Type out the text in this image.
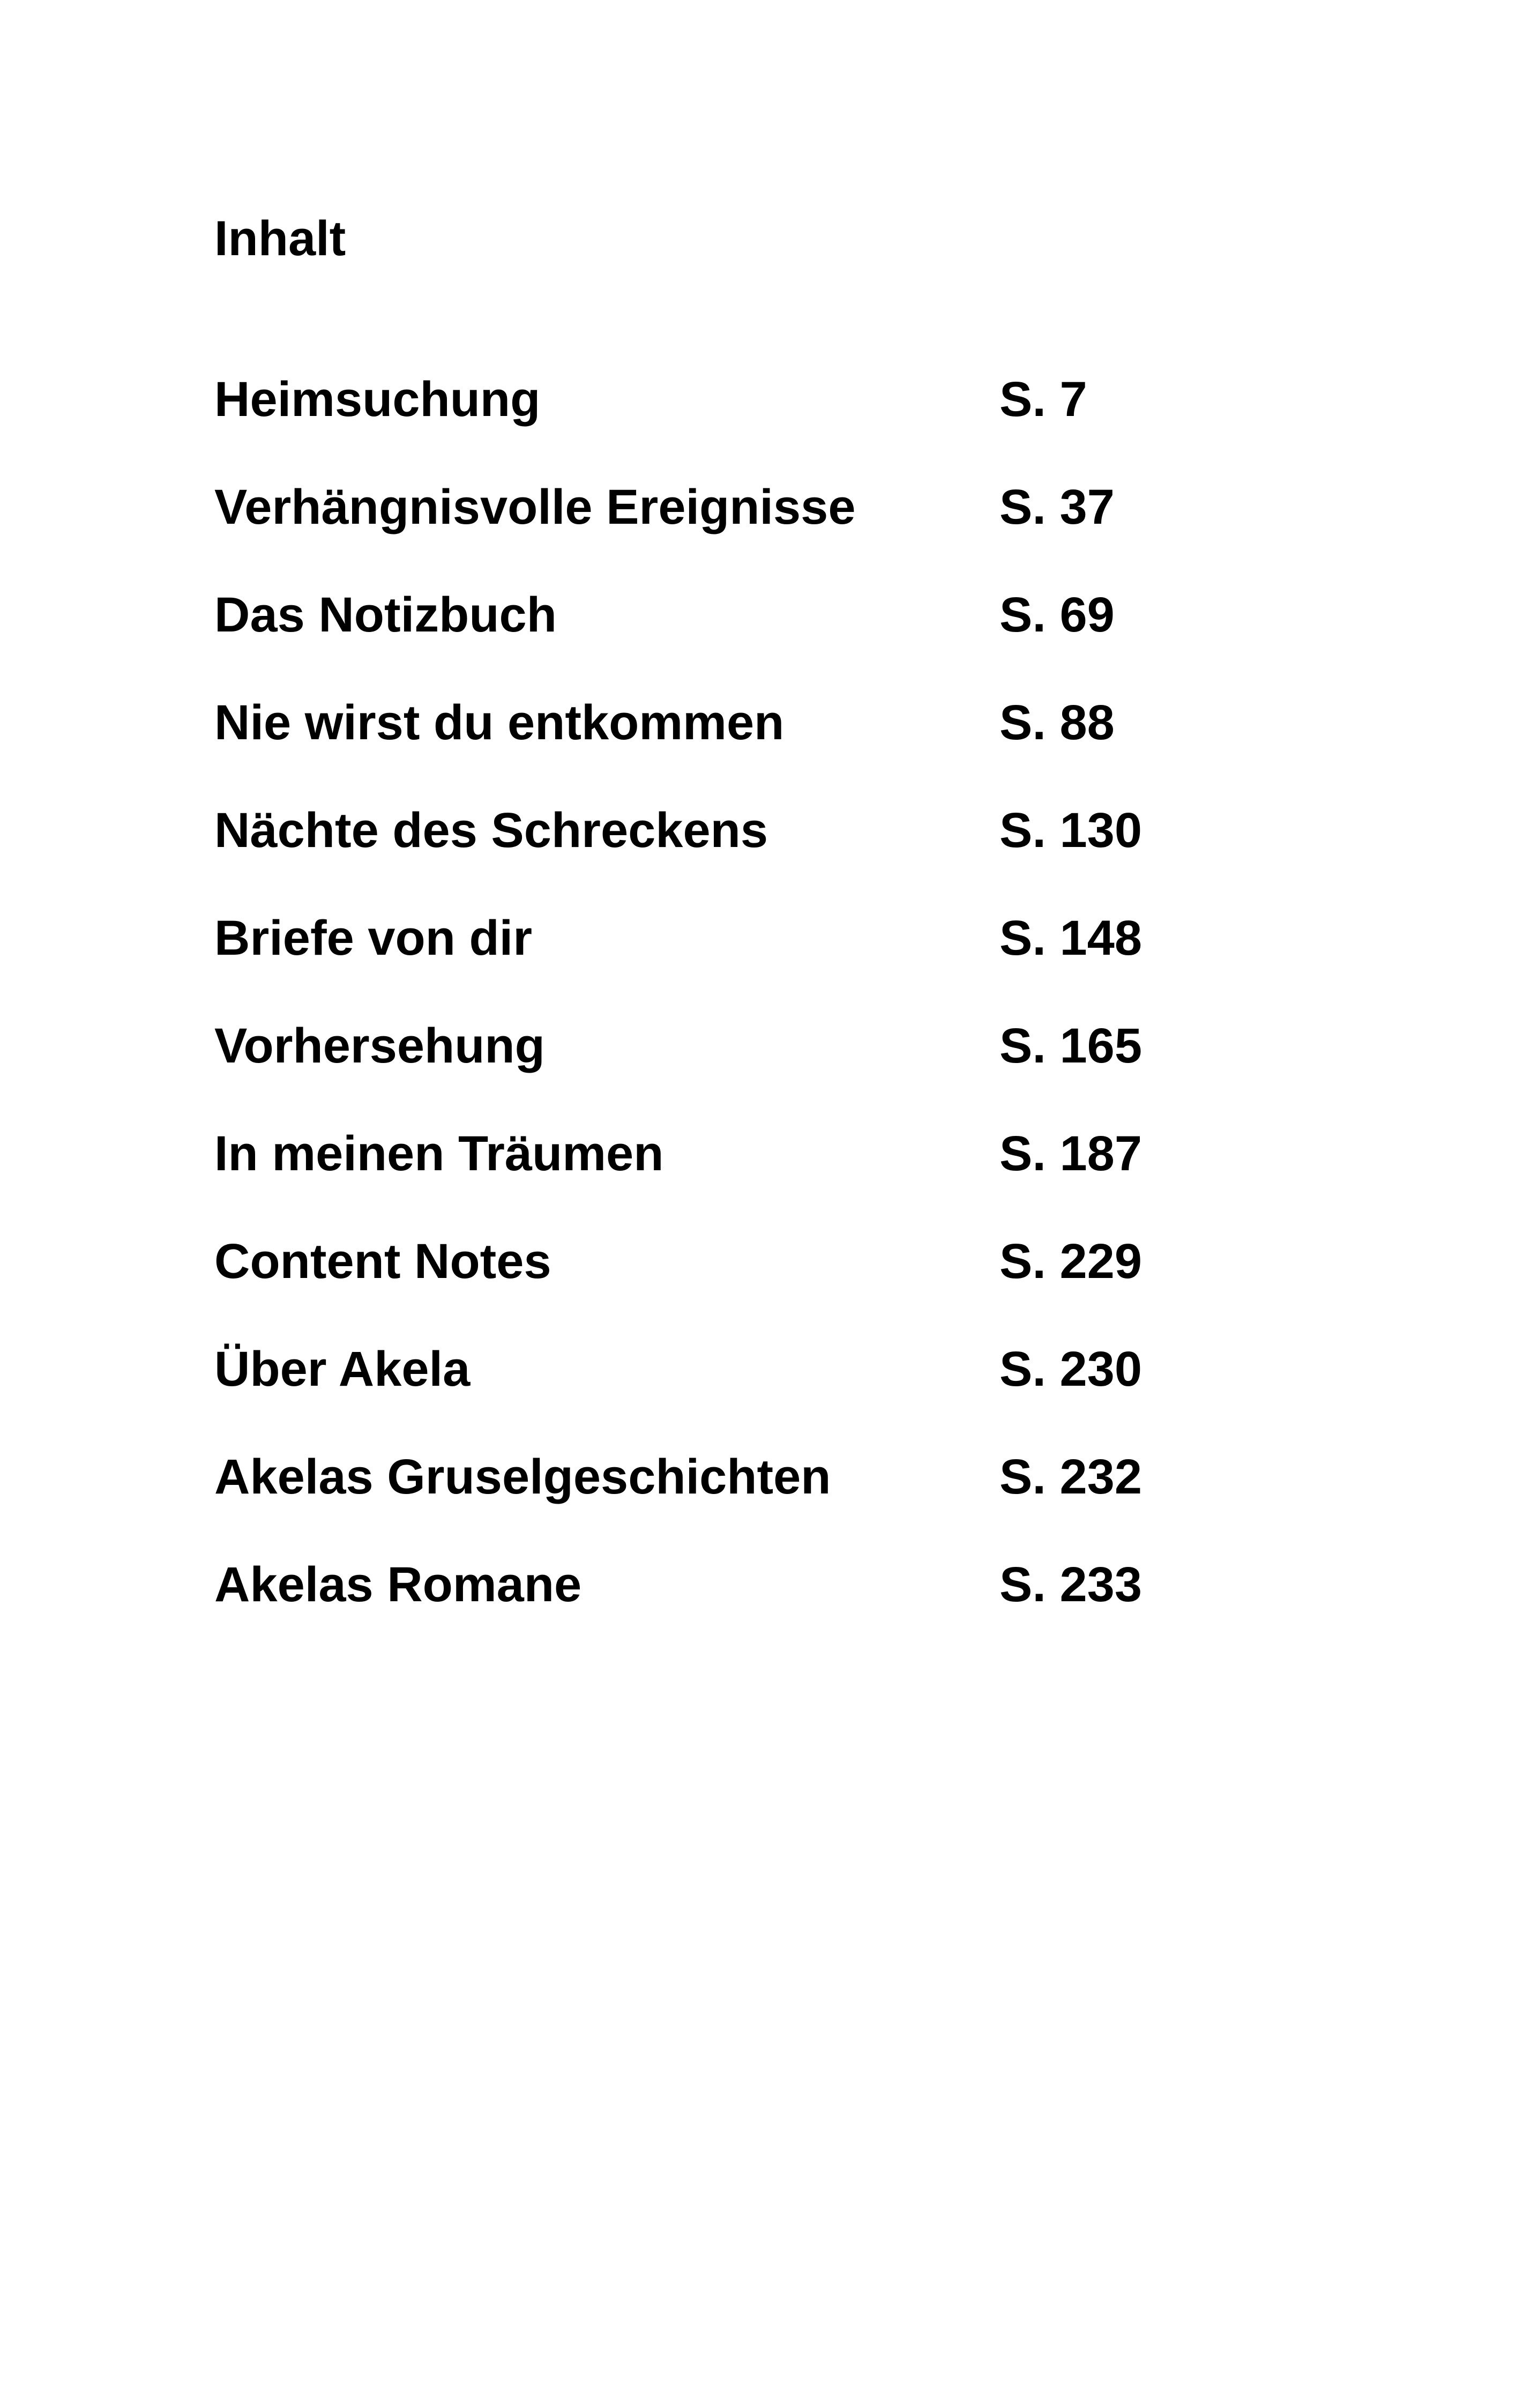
Inhalt
Heimsuchung	S. 7
Verhängnisvolle Ereignisse	S. 37
Das Notizbuch	S. 69
Nie wirst du entkommen	S. 88
Nächte des Schreckens	S. 130
Briefe von dir	S. 148
Vorhersehung	S. 165
In meinen Träumen	S. 187
Content Notes	S. 229
Über Akela	S. 230
Akelas Gruselgeschichten	S. 232
Akelas Romane	S. 233
